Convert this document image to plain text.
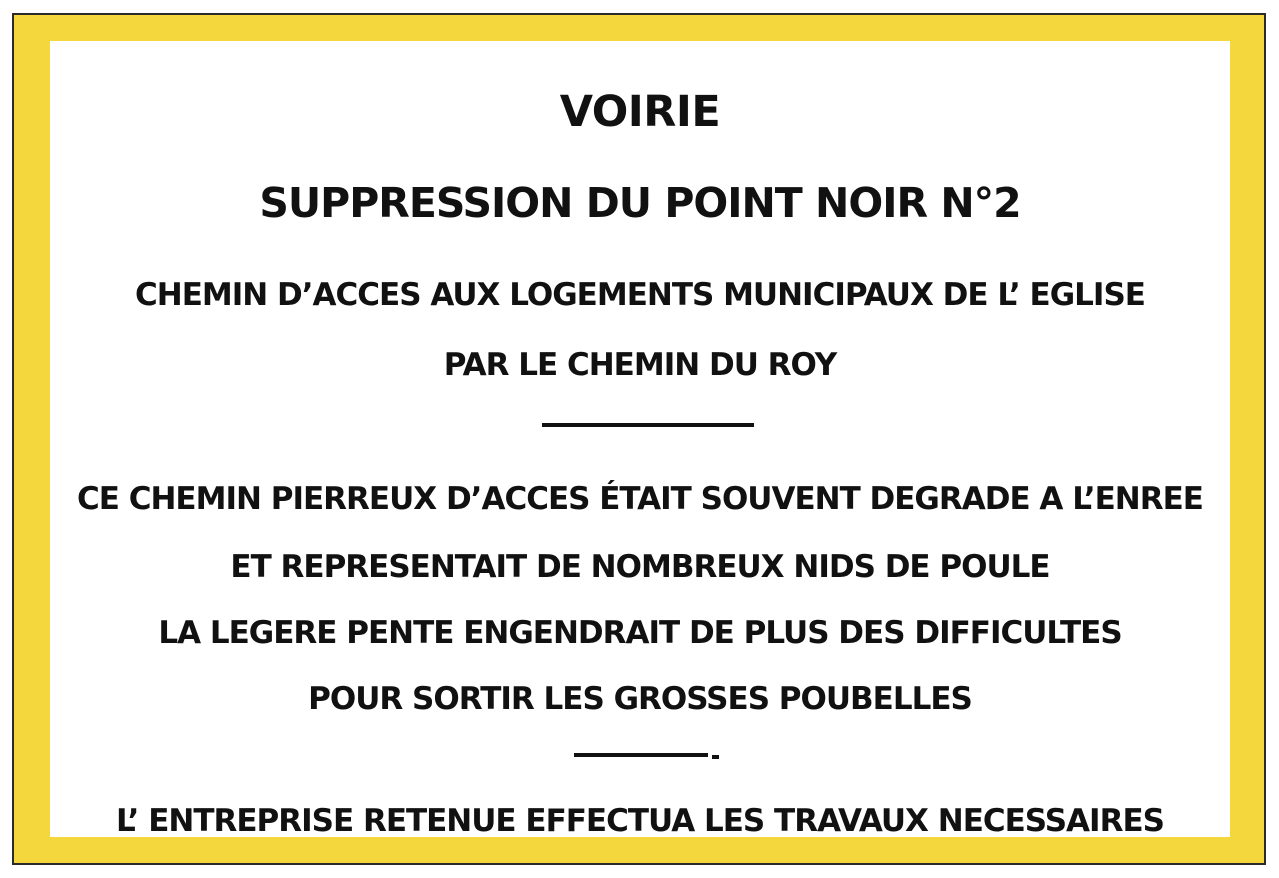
VOIRIE
SUPPRESSION DU POINT NOIR N°2
CHEMIN D’ACCES AUX LOGEMENTS MUNICIPAUX DE L’ EGLISE
PAR LE CHEMIN DU ROY
CE CHEMIN PIERREUX D’ACCES ÉTAIT SOUVENT DEGRADE A L’ENREE
ET REPRESENTAIT DE NOMBREUX NIDS DE POULE
LA LEGERE PENTE ENGENDRAIT DE PLUS DES DIFFICULTES
POUR SORTIR LES GROSSES POUBELLES
L’ ENTREPRISE RETENUE EFFECTUA LES TRAVAUX NECESSAIRES
